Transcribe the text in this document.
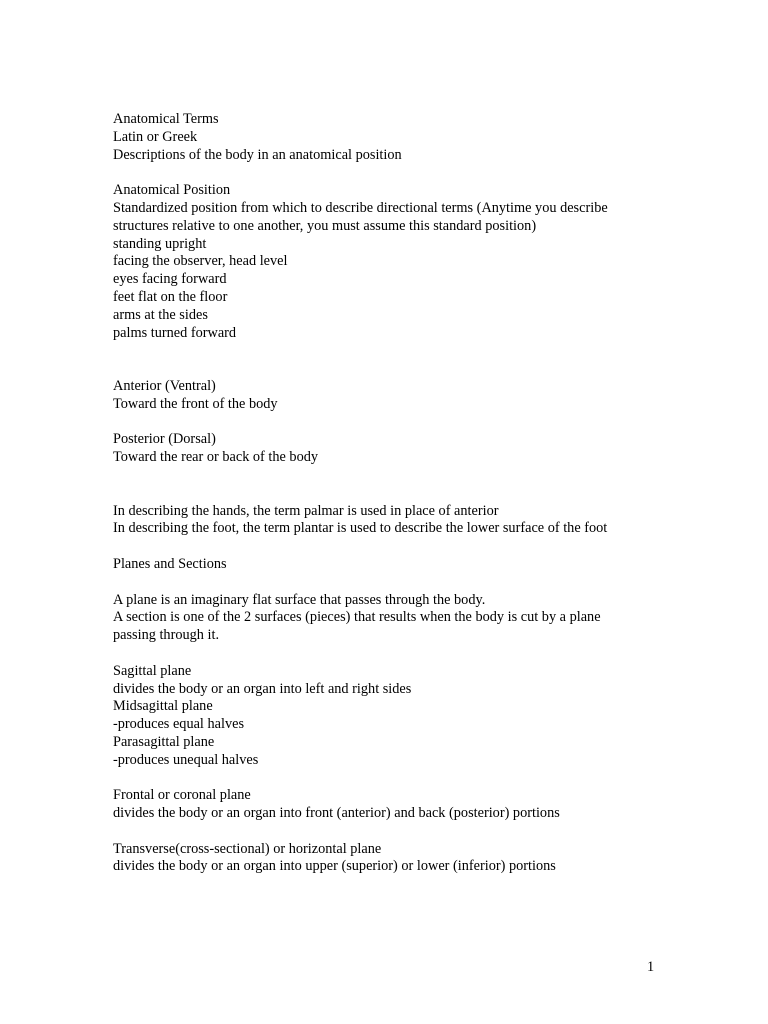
Anatomical Terms
Latin or Greek
Descriptions of the body in an anatomical position
Anatomical Position
Standardized position from which to describe directional terms (Anytime you describe
structures relative to one another, you must assume this standard position)
standing upright
facing the observer, head level
eyes facing forward
feet flat on the floor
arms at the sides
palms turned forward
Anterior (Ventral)
Toward the front of the body
Posterior (Dorsal)
Toward the rear or back of the body
In describing the hands, the term palmar is used in place of anterior
In describing the foot, the term plantar is used to describe the lower surface of the foot
Planes and Sections
A plane is an imaginary flat surface that passes through the body.
A section is one of the 2 surfaces (pieces) that results when the body is cut by a plane
passing through it.
Sagittal plane
divides the body or an organ into left and right sides
Midsagittal plane
-produces equal halves
Parasagittal plane
-produces unequal halves
Frontal or coronal plane
divides the body or an organ into front (anterior) and back (posterior) portions
Transverse(cross-sectional) or horizontal plane
divides the body or an organ into upper (superior) or lower (inferior) portions
1
